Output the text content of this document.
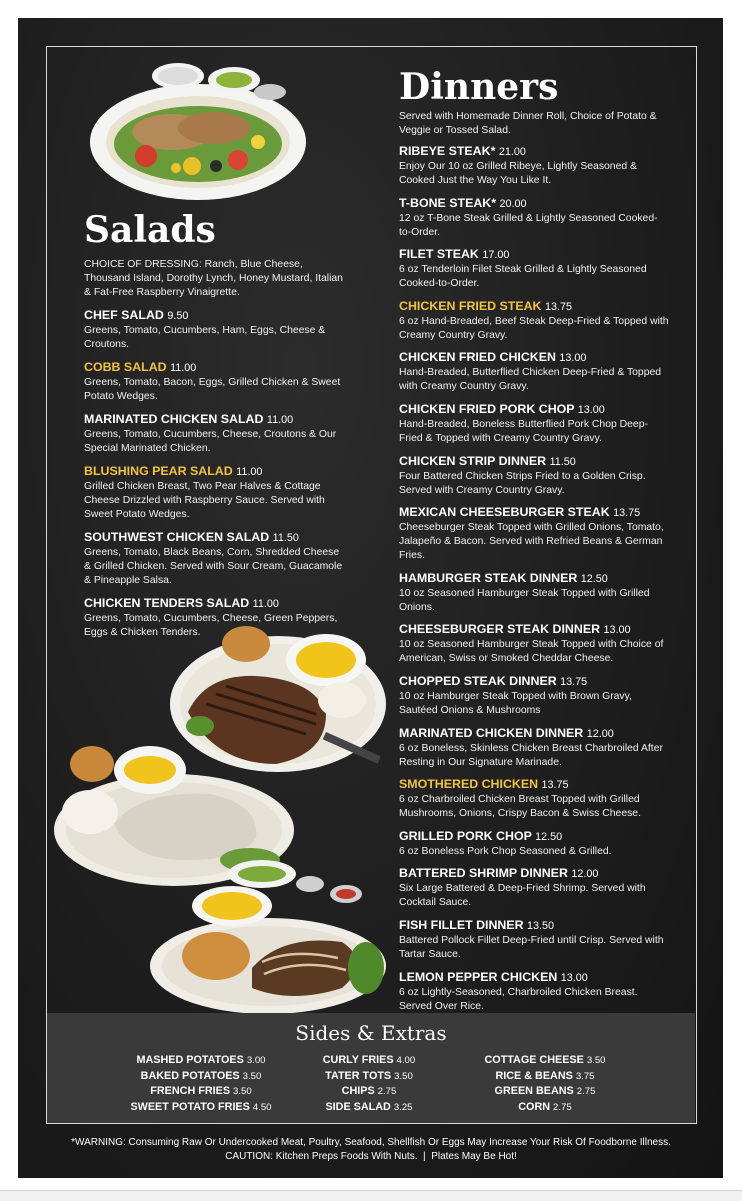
Salads
CHOICE OF DRESSING: Ranch, Blue Cheese, Thousand Island, Dorothy Lynch, Honey Mustard, Italian & Fat-Free Raspberry Vinaigrette.
CHEF SALAD 9.50
Greens, Tomato, Cucumbers, Ham, Eggs, Cheese & Croutons.
COBB SALAD 11.00
Greens, Tomato, Bacon, Eggs, Grilled Chicken & Sweet Potato Wedges.
MARINATED CHICKEN SALAD 11.00
Greens, Tomato, Cucumbers, Cheese, Croutons & Our Special Marinated Chicken.
BLUSHING PEAR SALAD 11.00
Grilled Chicken Breast, Two Pear Halves & Cottage Cheese Drizzled with Raspberry Sauce. Served with Sweet Potato Wedges.
SOUTHWEST CHICKEN SALAD 11.50
Greens, Tomato, Black Beans, Corn, Shredded Cheese & Grilled Chicken. Served with Sour Cream, Guacamole & Pineapple Salsa.
CHICKEN TENDERS SALAD 11.00
Greens, Tomato, Cucumbers, Cheese, Green Peppers, Eggs & Chicken Tenders.
Dinners
Served with Homemade Dinner Roll, Choice of Potato & Veggie or Tossed Salad.
RIBEYE STEAK* 21.00
Enjoy Our 10 oz Grilled Ribeye, Lightly Seasoned & Cooked Just the Way You Like It.
T-BONE STEAK* 20.00
12 oz T-Bone Steak Grilled & Lightly Seasoned Cooked-to-Order.
FILET STEAK 17.00
6 oz Tenderloin Filet Steak Grilled & Lightly Seasoned Cooked-to-Order.
CHICKEN FRIED STEAK 13.75
6 oz Hand-Breaded, Beef Steak Deep-Fried & Topped with Creamy Country Gravy.
CHICKEN FRIED CHICKEN 13.00
Hand-Breaded, Butterflied Chicken Deep-Fried & Topped with Creamy Country Gravy.
CHICKEN FRIED PORK CHOP 13.00
Hand-Breaded, Boneless Butterflied Pork Chop Deep-Fried & Topped with Creamy Country Gravy.
CHICKEN STRIP DINNER 11.50
Four Battered Chicken Strips Fried to a Golden Crisp. Served with Creamy Country Gravy.
MEXICAN CHEESEBURGER STEAK 13.75
Cheeseburger Steak Topped with Grilled Onions, Tomato, Jalapeño & Bacon. Served with Refried Beans & German Fries.
HAMBURGER STEAK DINNER 12.50
10 oz Seasoned Hamburger Steak Topped with Grilled Onions.
CHEESEBURGER STEAK DINNER 13.00
10 oz Seasoned Hamburger Steak Topped with Choice of American, Swiss or Smoked Cheddar Cheese.
CHOPPED STEAK DINNER 13.75
10 oz Hamburger Steak Topped with Brown Gravy, Sautéed Onions & Mushrooms
MARINATED CHICKEN DINNER 12.00
6 oz Boneless, Skinless Chicken Breast Charbroiled After Resting in Our Signature Marinade.
SMOTHERED CHICKEN 13.75
6 oz Charbroiled Chicken Breast Topped with Grilled Mushrooms, Onions, Crispy Bacon & Swiss Cheese.
GRILLED PORK CHOP 12.50
6 oz Boneless Pork Chop Seasoned & Grilled.
BATTERED SHRIMP DINNER 12.00
Six Large Battered & Deep-Fried Shrimp. Served with Cocktail Sauce.
FISH FILLET DINNER 13.50
Battered Pollock Fillet Deep-Fried until Crisp. Served with Tartar Sauce.
LEMON PEPPER CHICKEN 13.00
6 oz Lightly-Seasoned, Charbroiled Chicken Breast. Served Over Rice.
Sides & Extras
MASHED POTATOES 3.00
BAKED POTATOES 3.50
FRENCH FRIES 3.50
SWEET POTATO FRIES 4.50
CURLY FRIES 4.00
TATER TOTS 3.50
CHIPS 2.75
SIDE SALAD 3.25
COTTAGE CHEESE 3.50
RICE & BEANS 3.75
GREEN BEANS 2.75
CORN 2.75
*WARNING: Consuming Raw Or Undercooked Meat, Poultry, Seafood, Shellfish Or Eggs May Increase Your Risk Of Foodborne Illness.
CAUTION: Kitchen Preps Foods With Nuts.  |  Plates May Be Hot!
